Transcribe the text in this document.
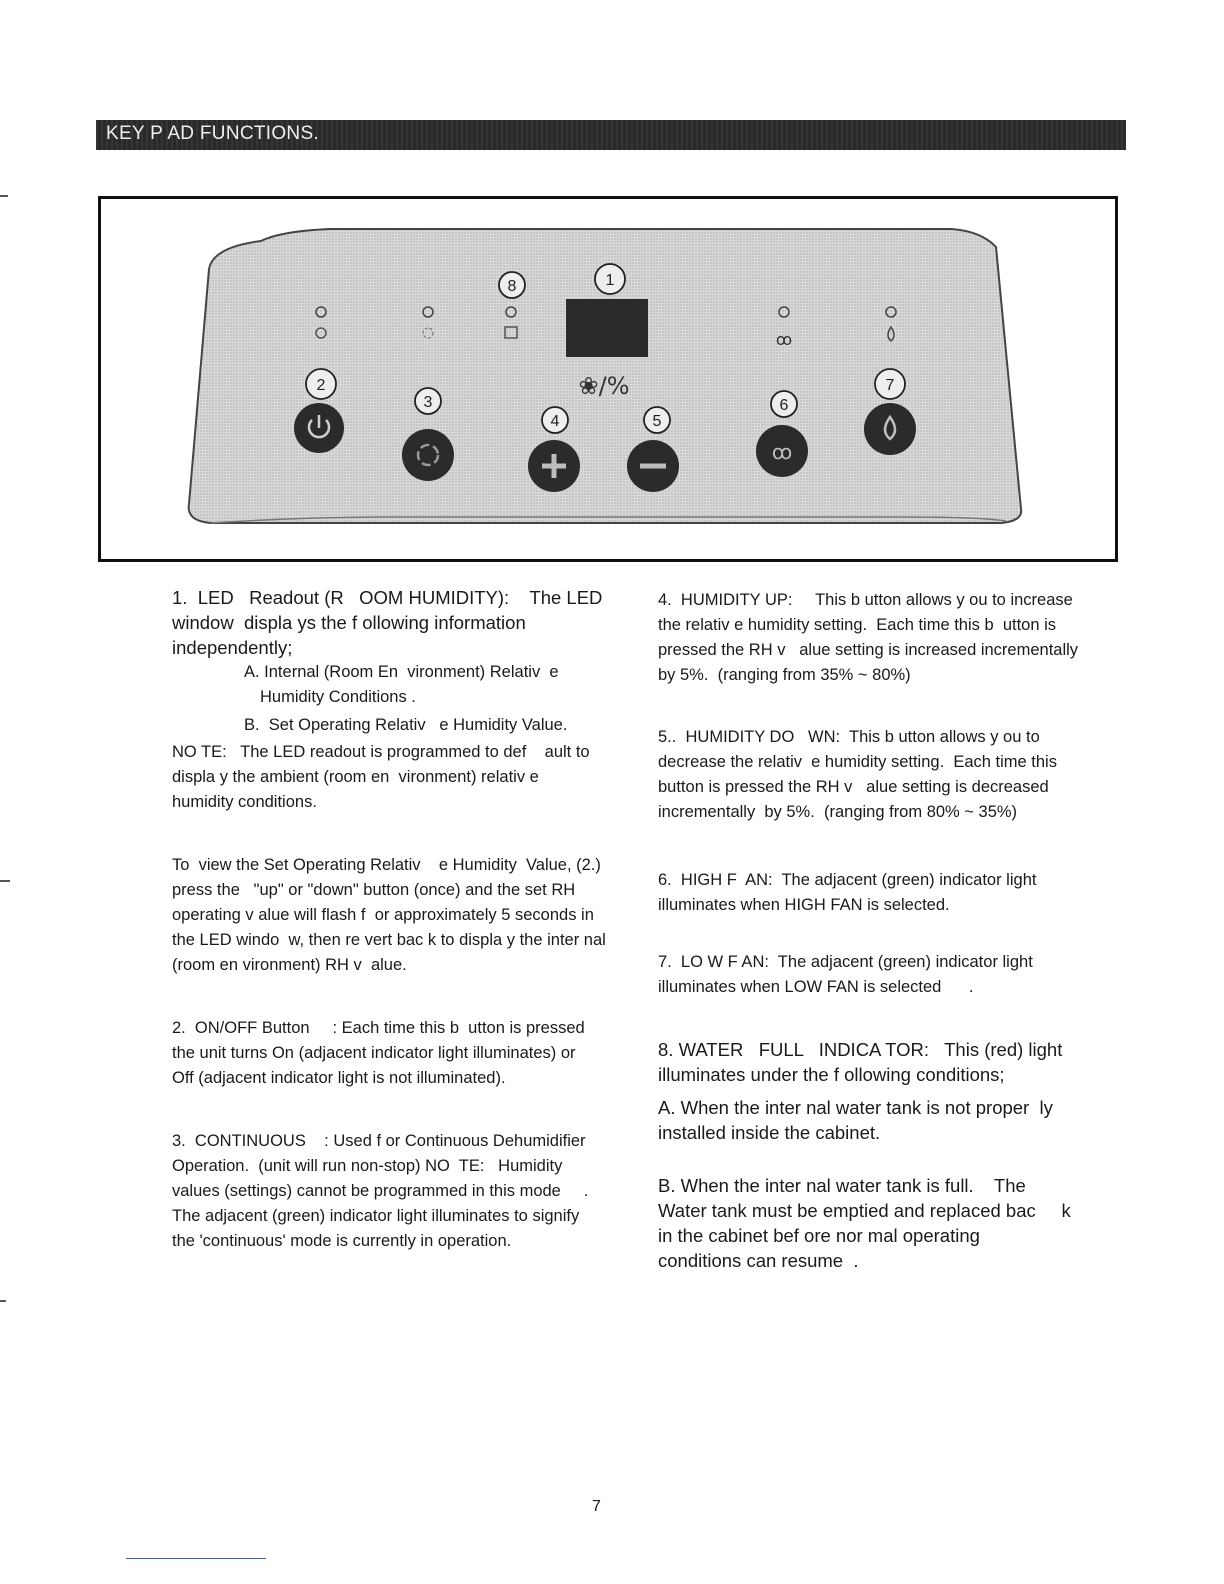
KEY P AD FUNCTIONS.
ꝏ
❀/%
1
8
2
3
4	5
6
7
ꝏ

1.  LED   Readout (R   OOM HUMIDITY):    The LED

window  displa ys the f ollowing information

independently;

A. Internal (Room En  vironment) Relativ  e

Humidity Conditions .

B.  Set Operating Relativ   e Humidity Value.

NO TE:   The LED readout is programmed to def    ault to

displa y the ambient (room en  vironment) relativ e

humidity conditions.

To  view the Set Operating Relativ    e Humidity  Value, (2.)

press the   "up" or "down" button (once) and the set RH

operating v alue will flash f  or approximately 5 seconds in

the LED windo  w, then re vert bac k to displa y the inter nal

(room en vironment) RH v  alue.

2.  ON/OFF Button     : Each time this b  utton is pressed

the unit turns On (adjacent indicator light illuminates) or

Off (adjacent indicator light is not illuminated).

3.  CONTINUOUS    : Used f or Continuous Dehumidifier

Operation.  (unit will run non-stop) NO  TE:   Humidity

values (settings) cannot be programmed in this mode     .

The adjacent (green) indicator light illuminates to signify

the 'continuous' mode is currently in operation.

4.  HUMIDITY UP:     This b utton allows y ou to increase

the relativ e humidity setting.  Each time this b  utton is

pressed the RH v   alue setting is increased incrementally

by 5%.  (ranging from 35% ~ 80%)

5..  HUMIDITY DO   WN:  This b utton allows y ou to

decrease the relativ  e humidity setting.  Each time this

button is pressed the RH v   alue setting is decreased

incrementally  by 5%.  (ranging from 80% ~ 35%)

6.  HIGH F  AN:  The adjacent (green) indicator light

illuminates when HIGH FAN is selected.

7.  LO W F AN:  The adjacent (green) indicator light

illuminates when LOW FAN is selected      .

8. WATER   FULL   INDICA TOR:   This (red) light

illuminates under the f ollowing conditions;

A. When the inter nal water tank is not proper  ly

installed inside the cabinet.

B. When the inter nal water tank is full.    The

Water tank must be emptied and replaced bac     k

in the cabinet bef ore nor mal operating

conditions can resume  .

7
